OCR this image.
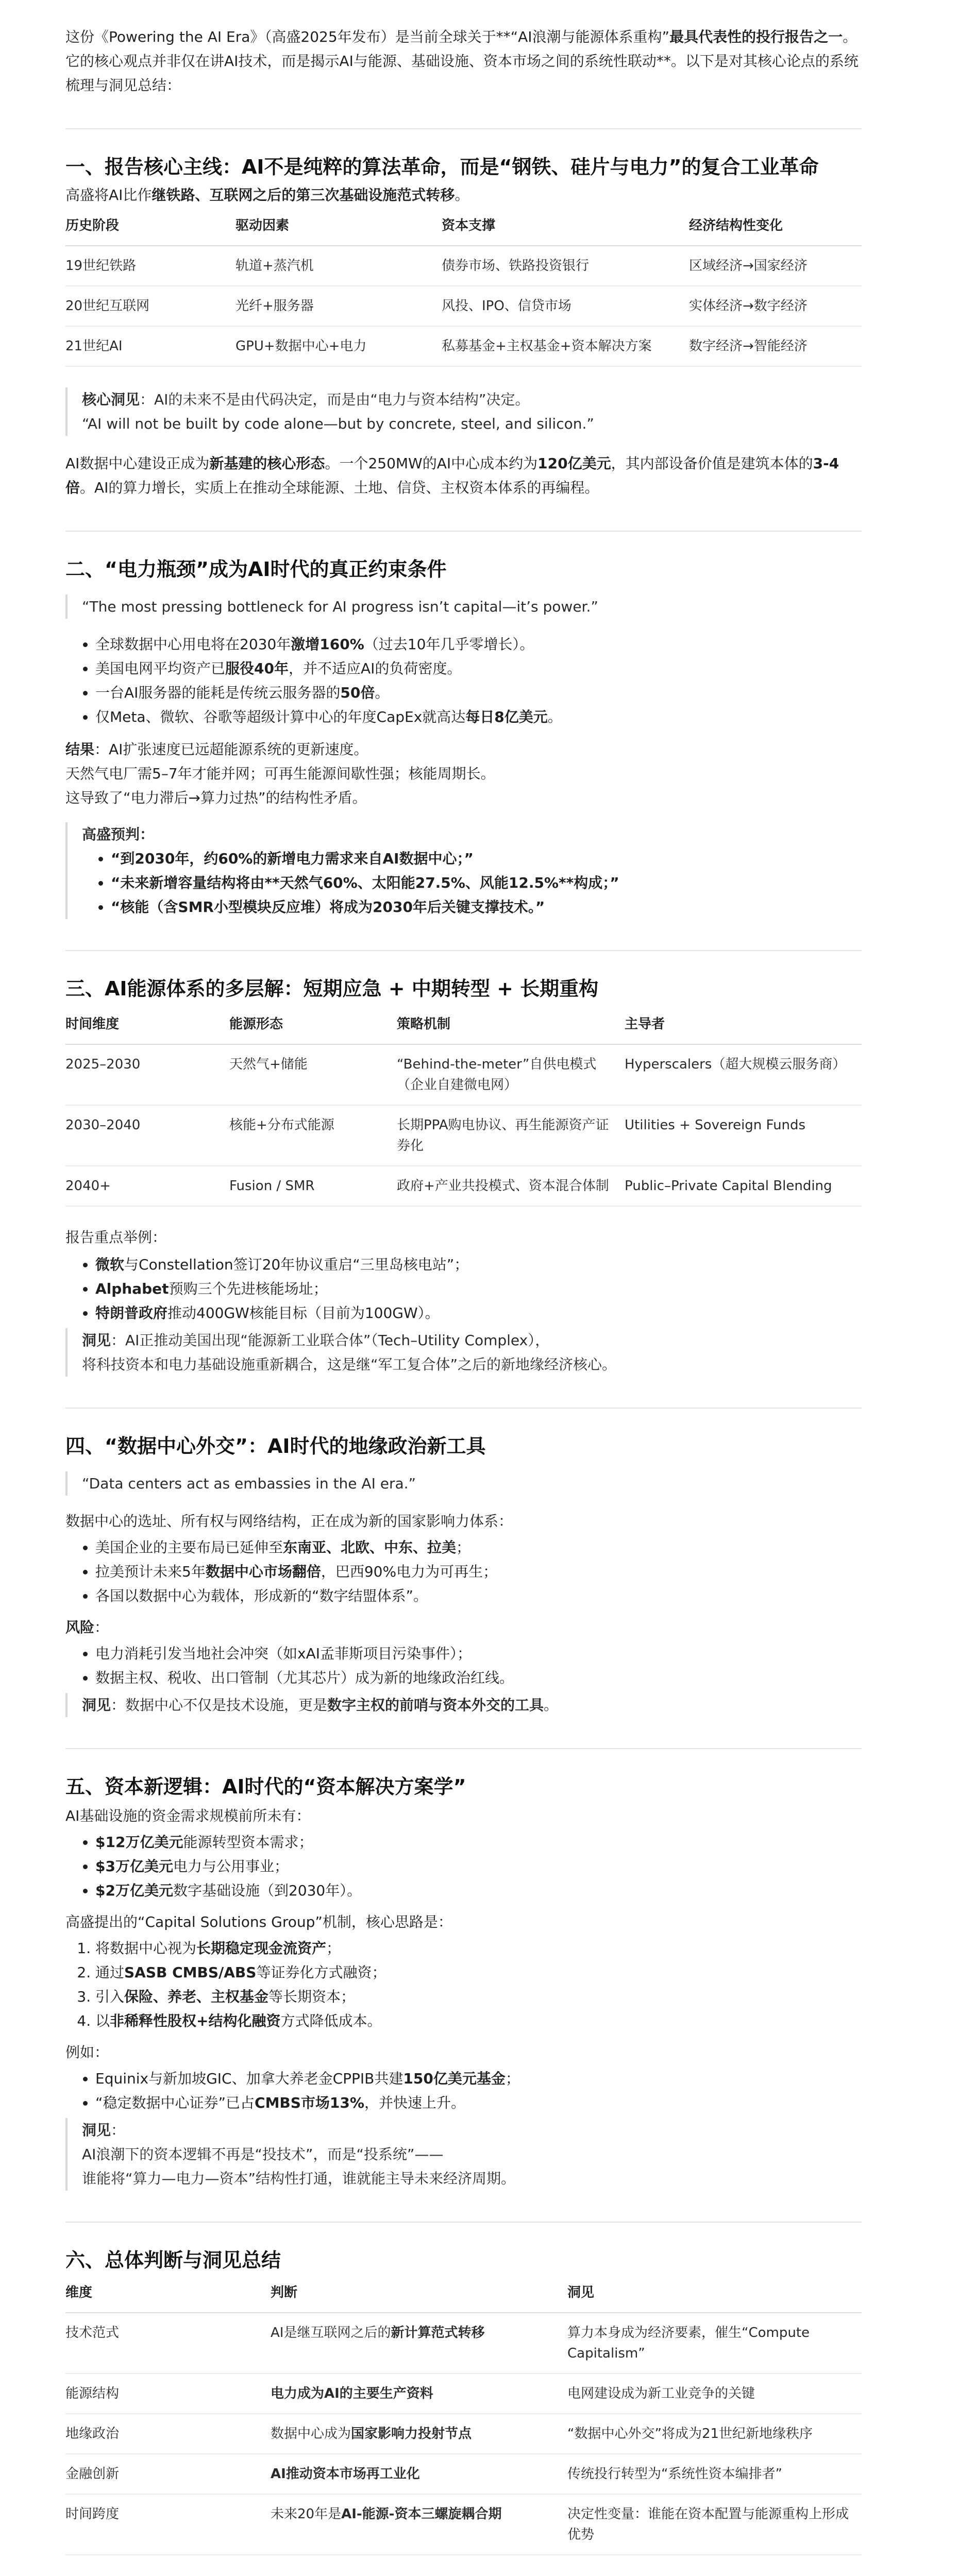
这份《Powering the AI Era》（高盛2025年发布）是当前全球关于**“AI浪潮与能源体系重构”最具代表性的投行报告之一。它的核心观点并非仅在讲AI技术，而是揭示AI与能源、基础设施、资本市场之间的系统性联动**。以下是对其核心论点的系统梳理与洞见总结：

一、报告核心主线：AI不是纯粹的算法革命，而是“钢铁、硅片与电力”的复合工业革命

高盛将AI比作继铁路、互联网之后的第三次基础设施范式转移。

历史阶段	驱动因素	资本支撑	经济结构性变化
19世纪铁路	轨道+蒸汽机	债券市场、铁路投资银行	区域经济→国家经济
20世纪互联网	光纤+服务器	风投、IPO、信贷市场	实体经济→数字经济
21世纪AI	GPU+数据中心+电力	私募基金+主权基金+资本解决方案	数字经济→智能经济

核心洞见：AI的未来不是由代码决定，而是由“电力与资本结构”决定。

“AI will not be built by code alone—but by concrete, steel, and silicon.”

AI数据中心建设正成为新基建的核心形态。一个250MW的AI中心成本约为120亿美元，其内部设备价值是建筑本体的3-4倍。AI的算力增长，实质上在推动全球能源、土地、信贷、主权资本体系的再编程。

二、“电力瓶颈”成为AI时代的真正约束条件

“The most pressing bottleneck for AI progress isn’t capital—it’s power.”

• 全球数据中心用电将在2030年激增160%（过去10年几乎零增长）。
• 美国电网平均资产已服役40年，并不适应AI的负荷密度。
• 一台AI服务器的能耗是传统云服务器的50倍。
• 仅Meta、微软、谷歌等超级计算中心的年度CapEx就高达每日8亿美元。

结果：AI扩张速度已远超能源系统的更新速度。

天然气电厂需5–7年才能并网；可再生能源间歇性强；核能周期长。

这导致了“电力滞后→算力过热”的结构性矛盾。

高盛预判：

• “到2030年，约60%的新增电力需求来自AI数据中心；”
• “未来新增容量结构将由**天然气60%、太阳能27.5%、风能12.5%**构成；”
• “核能（含SMR小型模块反应堆）将成为2030年后关键支撑技术。”
三、AI能源体系的多层解：短期应急 + 中期转型 + 长期重构
时间维度	能源形态	策略机制	主导者
2025–2030	天然气+储能	“Behind-the-meter”自供电模式（企业自建微电网）	Hyperscalers（超大规模云服务商）
2030–2040	核能+分布式能源	长期PPA购电协议、再生能源资产证券化	Utilities + Sovereign Funds
2040+	Fusion / SMR	政府+产业共投模式、资本混合体制	Public–Private Capital Blending

报告重点举例：

• 微软与Constellation签订20年协议重启“三里岛核电站”；
• Alphabet预购三个先进核能场址；
• 特朗普政府推动400GW核能目标（目前为100GW）。

洞见：AI正推动美国出现“能源新工业联合体”（Tech–Utility Complex），

将科技资本和电力基础设施重新耦合，这是继“军工复合体”之后的新地缘经济核心。

四、“数据中心外交”：AI时代的地缘政治新工具

“Data centers act as embassies in the AI era.”

数据中心的选址、所有权与网络结构，正在成为新的国家影响力体系：

• 美国企业的主要布局已延伸至东南亚、北欧、中东、拉美；
• 拉美预计未来5年数据中心市场翻倍，巴西90%电力为可再生；
• 各国以数据中心为载体，形成新的“数字结盟体系”。

风险：

• 电力消耗引发当地社会冲突（如xAI孟菲斯项目污染事件）；
• 数据主权、税收、出口管制（尤其芯片）成为新的地缘政治红线。

洞见：数据中心不仅是技术设施，更是数字主权的前哨与资本外交的工具。

五、资本新逻辑：AI时代的“资本解决方案学”

AI基础设施的资金需求规模前所未有：

• $12万亿美元能源转型资本需求；
• $3万亿美元电力与公用事业；
• $2万亿美元数字基础设施（到2030年）。

高盛提出的“Capital Solutions Group”机制，核心思路是：

1. 将数据中心视为长期稳定现金流资产；
2. 通过SASB CMBS/ABS等证券化方式融资；
3. 引入保险、养老、主权基金等长期资本；
4. 以非稀释性股权+结构化融资方式降低成本。

例如：

• Equinix与新加坡GIC、加拿大养老金CPPIB共建150亿美元基金；
• “稳定数据中心证券”已占CMBS市场13%，并快速上升。

洞见：

AI浪潮下的资本逻辑不再是“投技术”，而是“投系统”——

谁能将“算力—电力—资本”结构性打通，谁就能主导未来经济周期。

六、总体判断与洞见总结
维度	判断	洞见
技术范式	AI是继互联网之后的新计算范式转移	算力本身成为经济要素，催生“Compute Capitalism”
能源结构	电力成为AI的主要生产资料	电网建设成为新工业竞争的关键
地缘政治	数据中心成为国家影响力投射节点	“数据中心外交”将成为21世纪新地缘秩序
金融创新	AI推动资本市场再工业化	传统投行转型为“系统性资本编排者”
时间跨度	未来20年是AI-能源-资本三螺旋耦合期	决定性变量：谁能在资本配置与能源重构上形成优势
